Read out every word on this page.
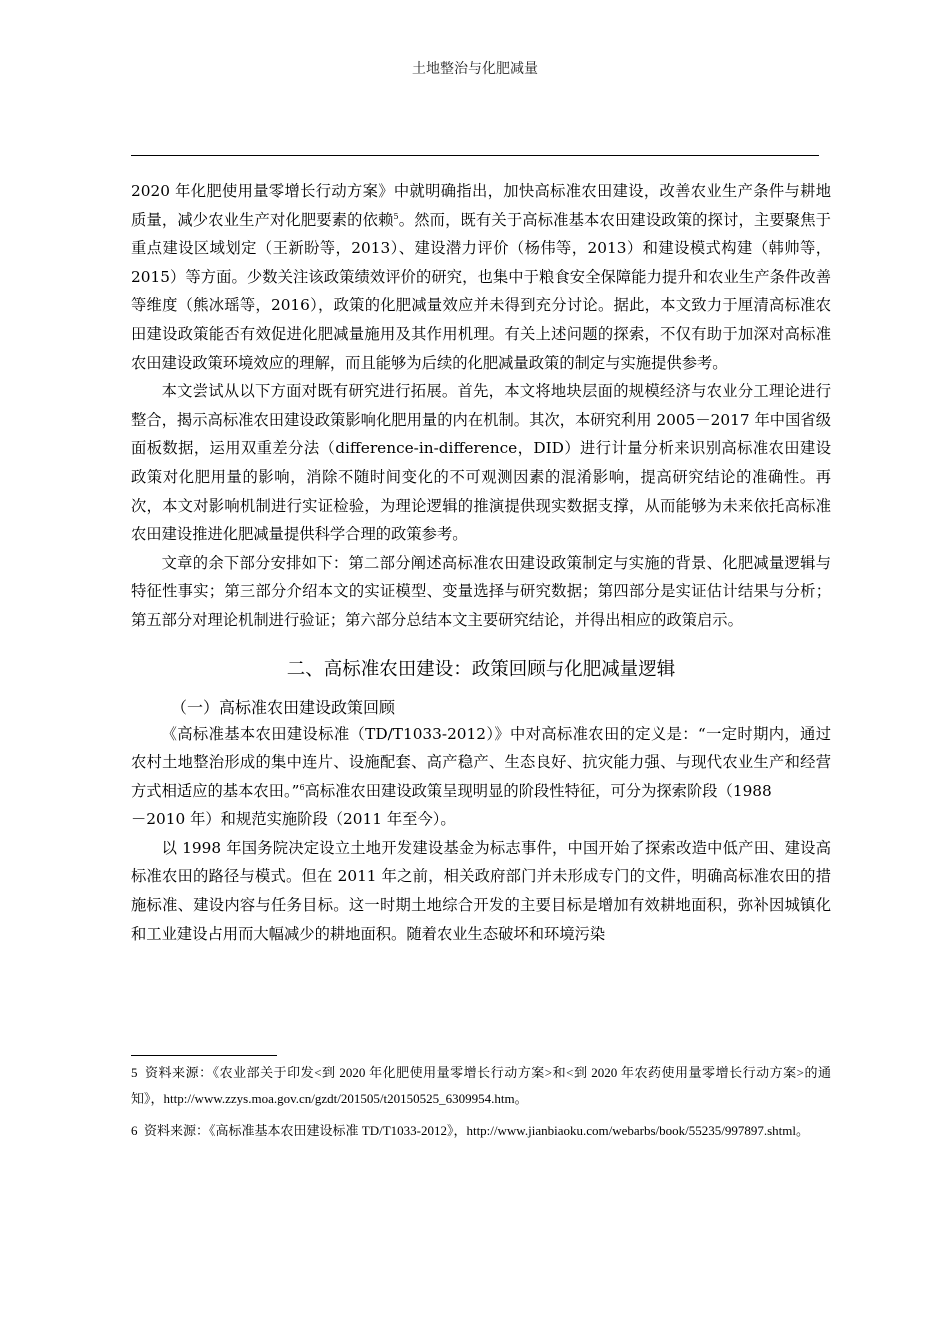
土地整治与化肥减量

2020 年化肥使用量零增长行动方案》中就明确指出，加快高标准农田建设，改善农业生产条件与耕地质量，减少农业生产对化肥要素的依赖$^5$。然而，既有关于高标准基本农田建设政策的探讨，主要聚焦于重点建设区域划定（王新盼等，2013）、建设潜力评价（杨伟等，2013）和建设模式构建（韩帅等，2015）等方面。少数关注该政策绩效评价的研究，也集中于粮食安全保障能力提升和农业生产条件改善等维度（熊冰瑶等，2016），政策的化肥减量效应并未得到充分讨论。据此，本文致力于厘清高标准农田建设政策能否有效促进化肥减量施用及其作用机理。有关上述问题的探索，不仅有助于加深对高标准农田建设政策环境效应的理解，而且能够为后续的化肥减量政策的制定与实施提供参考。

本文尝试从以下方面对既有研究进行拓展。首先，本文将地块层面的规模经济与农业分工理论进行整合，揭示高标准农田建设政策影响化肥用量的内在机制。其次，本研究利用 2005－2017 年中国省级面板数据，运用双重差分法（difference-in-difference，DID）进行计量分析来识别高标准农田建设政策对化肥用量的影响，消除不随时间变化的不可观测因素的混淆影响，提高研究结论的准确性。再次，本文对影响机制进行实证检验，为理论逻辑的推演提供现实数据支撑，从而能够为未来依托高标准农田建设推进化肥减量提供科学合理的政策参考。

文章的余下部分安排如下：第二部分阐述高标准农田建设政策制定与实施的背景、化肥减量逻辑与特征性事实；第三部分介绍本文的实证模型、变量选择与研究数据；第四部分是实证估计结果与分析；第五部分对理论机制进行验证；第六部分总结本文主要研究结论，并得出相应的政策启示。

二、高标准农田建设：政策回顾与化肥减量逻辑
（一）高标准农田建设政策回顾

《高标准基本农田建设标准（TD/T1033-2012）》中对高标准农田的定义是：“一定时期内，通过农村土地整治形成的集中连片、设施配套、高产稳产、生态良好、抗灾能力强、与现代农业生产和经营方式相适应的基本农田。”$^6$高标准农田建设政策呈现明显的阶段性特征，可分为探索阶段（1988

－2010 年）和规范实施阶段（2011 年至今）。

以 1998 年国务院决定设立土地开发建设基金为标志事件，中国开始了探索改造中低产田、建设高标准农田的路径与模式。但在 2011 年之前，相关政府部门并未形成专门的文件，明确高标准农田的措施标准、建设内容与任务目标。这一时期土地综合开发的主要目标是增加有效耕地面积，弥补因城镇化和工业建设占用而大幅减少的耕地面积。随着农业生态破坏和环境污染

5 资料来源：《农业部关于印发<到 2020 年化肥使用量零增长行动方案>和<到 2020 年农药使用量零增长行动方案>的通知》，http://www.zzys.moa.gov.cn/gzdt/201505/t20150525_6309954.htm。

6 资料来源：《高标准基本农田建设标准 TD/T1033-2012》，http://www.jianbiaoku.com/webarbs/book/55235/997897.shtml。
